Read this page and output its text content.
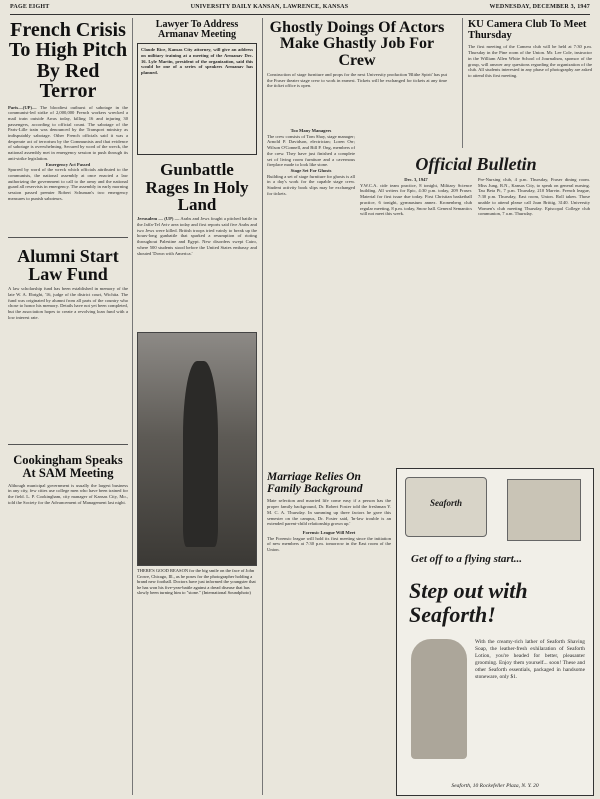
PAGE EIGHT	UNIVERSITY DAILY KANSAN, LAWRENCE, KANSAS	WEDNESDAY, DECEMBER 3, 1947
French Crisis To High Pitch By Red Terror
Paris—(UP)— The bloodiest outburst of sabotage in the communist-led strike of 2,000,000 French workers wrecked a mail train outside Arras today, killing 16 and injuring 30 passengers, according to official count. The sabotage of the Paris-Lille train was denounced by the Transport ministry as indisputably sabotage. Other French officials said it was a desperate act of terrorism by the Communists and that evidence of sabotage is overwhelming. Secured by word of the wreck, the national assembly met in emergency session to push through its anti-strike legislation.
Emergency Act Passed
Spurred by word of the wreck which officials attributed to the communists, the national assembly at once enacted a law authorizing the government to call to the army and the national guard all reservists in emergency. The assembly in early morning session passed premier Robert Schuman's two emergency measures to punish saboteurs.
Alumni Start Law Fund
A law scholarship fund has been established in memory of the late W. A. Ebright, '16, judge of the district court, Wichita. The fund was originated by alumni from all parts of the country who chose to honor his memory. Details have not yet been completed, but the association hopes to create a revolving loan fund with a low interest rate.
Cookingham Speaks At SAM Meeting
Although municipal government is usually the largest business in any city, few cities use college men who have been trained for the field. L. P. Cookingham, city manager of Kansas City, Mo., told the Society for the Advancement of Management last night.
Lawyer To Address Armanav Meeting
Claude Rice, Kansas City attorney, will give an address on military training at a meeting of the Armanav Dec. 16. Lyle Martin, president of the organization, said this would be one of a series of speakers Armanav has planned.
Gunbattle Rages In Holy Land
Jerusalem — (UP) — Arabs and Jews fought a pitched battle in the Jaffa-Tel Aviv area today and first reports said five Arabs and two Jews were killed. British troops tried vainly to break up the hours-long gunbattle that sparked a resumption of rioting throughout Palestine and Egypt. New disorders swept Cairo, where 500 students stood before the United States embassy and shouted 'Down with America.'
THERE'S GOOD REASON for the big smile on the face of John Crowe, Chicago, Ill., as he poses for the photographer holding a brand new football. Doctors have just informed the youngster that he has won his five-year-battle against a dread disease that has slowly been turning him to "stone." (International Soundphoto)
Ghostly Doings Of Actors Make Ghastly Job For Crew
Construction of stage furniture and props for the next University production 'Blithe Spirit' has put the Fraser theater stage crew to work in earnest. Tickets will be exchanged for tickets at any time the ticket office is open.
Too Many Managers
The crew consists of Tom Shay, stage manager; Arnold P. Davidson, electrician; Loren Orr; Wilson O'Connell, and Bill P. Ong, members of the crew. They have just finished a complete set of living room furniture and a cavernous fireplace made to look like stone.
Stage Set For Ghosts
Building a set of stage furniture for ghosts is all in a day's work for the capable stage crew. Student activity book slips may be exchanged for tickets.
Official Bulletin
Dec. 3, 1947
Y.W.C.A. cide team practice, 8 tonight, Military Science building. All writers for Epic, 4:30 p.m. today, 209 Fraser. Material for first issue due today. First Christian basketball practice, 6 tonight, gymnasium annex. Kronenberg club regular meeting, 8 p.m. today, Snow hall. General Semantics will not meet this week.
Pre-Nursing club, 4 p.m. Thursday, Fraser dining room. Miss Jung, R.N., Kansas City, to speak on general nursing. Tau Beta Pi, 7 p.m. Thursday, 210 Marvin. French league, 7:30 p.m. Thursday, East room, Union. Roll taken. Those unable to attend please call Joan Brittig, 3140. University Women's club meeting Thursday. Episcopal College club communion, 7 a.m. Thursday.
KU Camera Club To Meet Thursday
The first meeting of the Camera club will be held at 7:30 p.m. Thursday in the Pine room of the Union. Mr. Lee Cole, instructor in the William Allen White School of Journalism, sponsor of the group, will answer any questions regarding the organization of the club. All students interested in any phase of photography are asked to attend this first meeting.
Marriage Relies On Family Background
Mate selection and married life come easy if a person has the proper family background, Dr. Robert Foster told the freshman Y. M. C. A. Thursday. In summing up three factors he gave this semester on the campus, Dr. Foster said, 'In-law trouble is an extended parent-child relationship grown up.'
Forensic League Will Meet
The Forensic league will hold its first meeting since the initiation of new members at 7:30 p.m. tomorrow in the East room of the Union.
Seaforth
Get off to a flying start...
Step out with Seaforth!
With the creamy-rich lather of Seaforth Shaving Soap, the leather-fresh exhilaration of Seaforth Lotion, you're headed for better, pleasanter grooming. Enjoy them yourself... soon! These and other Seaforth essentials, packaged in handsome stoneware, only $1.
Seaforth, 10 Rockefeller Plaza, N. Y. 20
